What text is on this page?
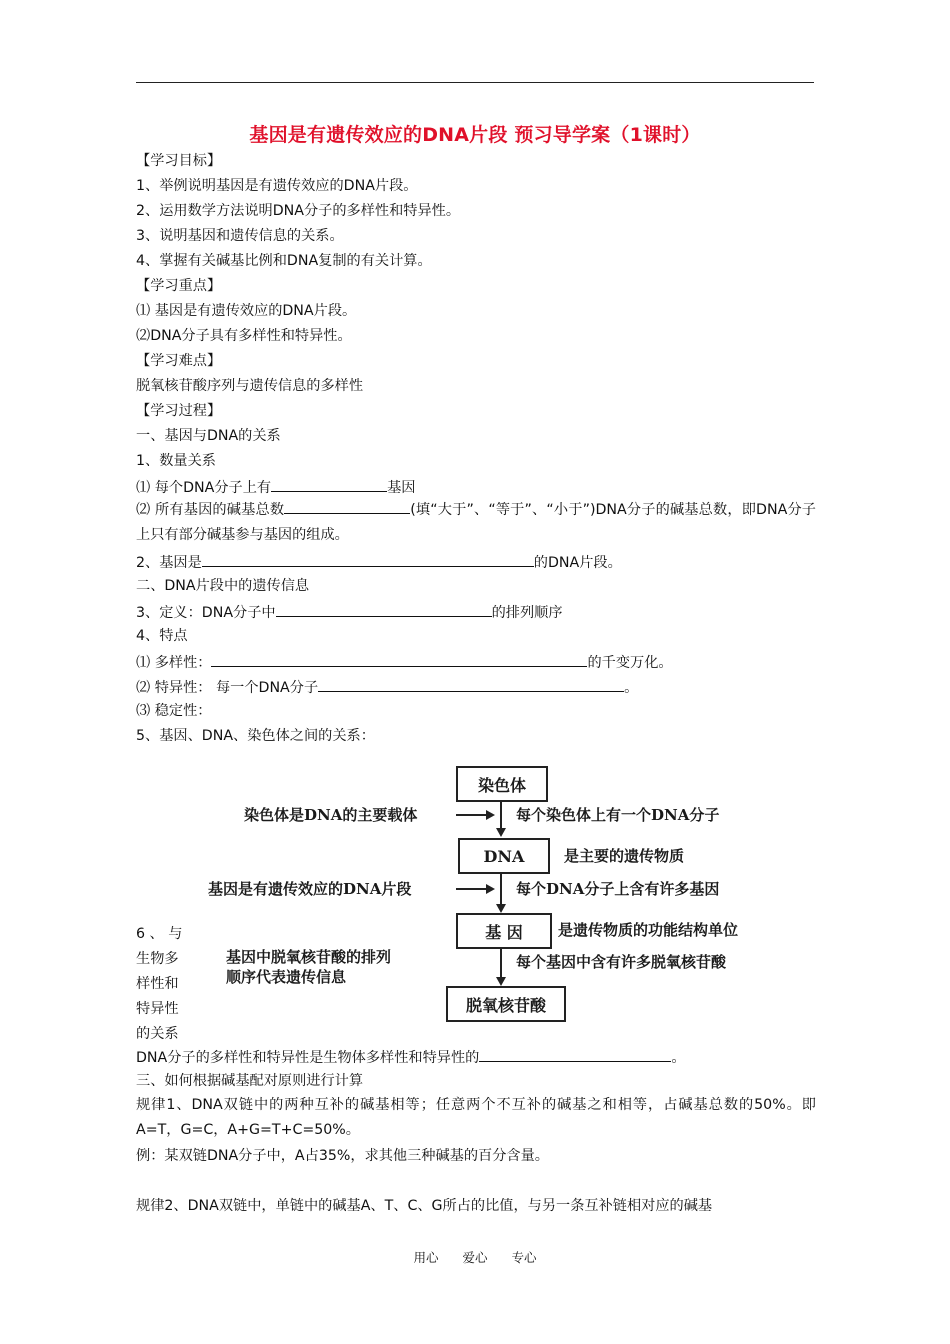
基因是有遗传效应的DNA片段 预习导学案（1课时）
【学习目标】
1、举例说明基因是有遗传效应的DNA片段。
2、运用数学方法说明DNA分子的多样性和特异性。
3、说明基因和遗传信息的关系。
4、掌握有关碱基比例和DNA复制的有关计算。
【学习重点】
⑴ 基因是有遗传效应的DNA片段。
⑵DNA分子具有多样性和特异性。
【学习难点】
脱氧核苷酸序列与遗传信息的多样性
【学习过程】
一、基因与DNA的关系
1、数量关系
⑴ 每个DNA分子上有	基因
⑵ 所有基因的碱基总数	(填“大于”、“等于”、“小于”)DNA分子的碱基总数，即DNA分子上只有部分碱基参与基因的组成。
2、基因是	的DNA片段。
二、DNA片段中的遗传信息
3、定义：DNA分子中	的排列顺序
4、特点
⑴ 多样性：	的千变万化。
⑵ 特异性： 每一个DNA分子	。
⑶ 稳定性：
5、基因、DNA、染色体之间的关系：
染色体
DNA
基 因
脱氧核苷酸
染色体是DNA的主要载体	每个染色体上有一个DNA分子
是主要的遗传物质
基因是有遗传效应的DNA片段	每个DNA分子上含有许多基因
是遗传物质的功能结构单位
基因中脱氧核苷酸的排列
顺序代表遗传信息
每个基因中含有许多脱氧核苷酸
6 、 与生物多样性和特异性的关系
DNA分子的多样性和特异性是生物体多样性和特异性的	。
三、如何根据碱基配对原则进行计算
规律1、DNA双链中的两种互补的碱基相等；任意两个不互补的碱基之和相等，占碱基总数的50%。即A=T，G=C，A+G=T+C=50%。
例：某双链DNA分子中，A占35%，求其他三种碱基的百分含量。
规律2、DNA双链中，单链中的碱基A、T、C、G所占的比值，与另一条互补链相对应的碱基
用心 爱心 专心
